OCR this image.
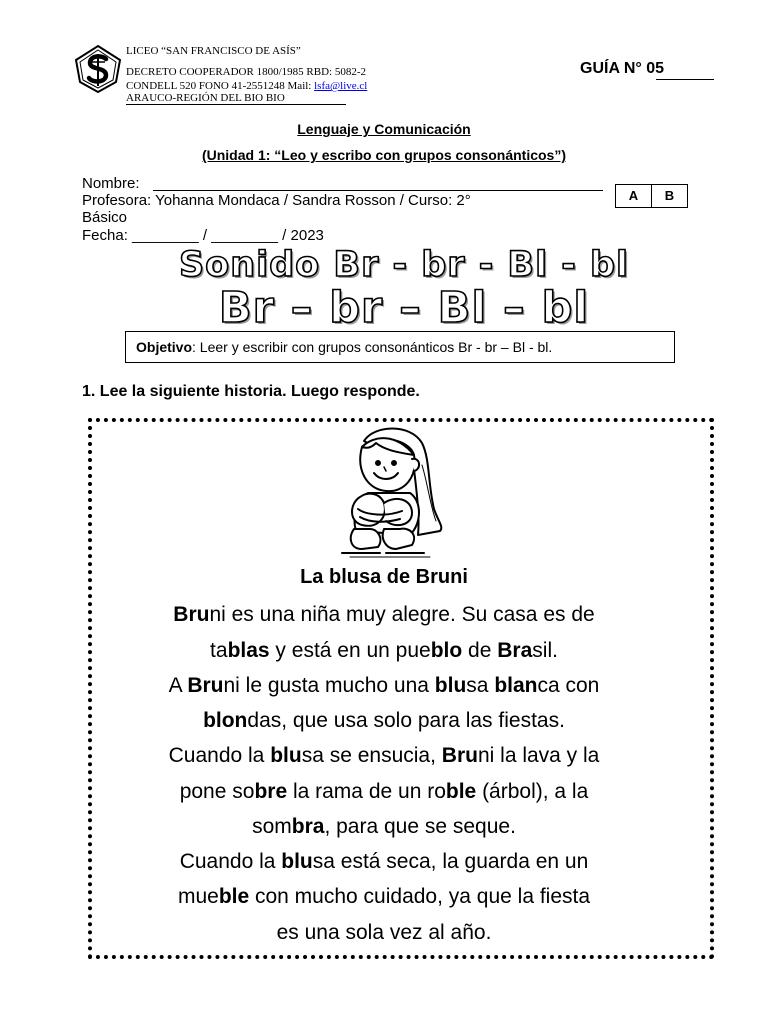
LICEO “SAN FRANCISCO DE ASÍS”
DECRETO COOPERADOR 1800/1985 RBD: 5082-2
CONDELL 520 FONO 41-2551248 Mail: lsfa@live.cl
ARAUCO-REGIÓN DEL BIO BIO
GUÍA N° 05
Lenguaje y Comunicación
(Unidad 1: “Leo y escribo con grupos consonánticos”)
Nombre:
Profesora: Yohanna Mondaca / Sandra Rosson / Curso: 2°
Básico
Fecha: ________ / ________ / 2023
A	B
Sonido Br - br - Bl - bl
Br – br – Bl – bl
Objetivo: Leer y escribir con grupos consonánticos Br - br – Bl - bl.
1. Lee la siguiente historia. Luego responde.
La blusa de Bruni
Bruni es una niña muy alegre. Su casa es de
tablas y está en un pueblo de Brasil.
A Bruni le gusta mucho una blusa blanca con
blondas, que usa solo para las fiestas.
Cuando la blusa se ensucia, Bruni la lava y la
pone sobre la rama de un roble (árbol), a la
sombra, para que se seque.
Cuando la blusa está seca, la guarda en un
mueble con mucho cuidado, ya que la fiesta
es una sola vez al año.
